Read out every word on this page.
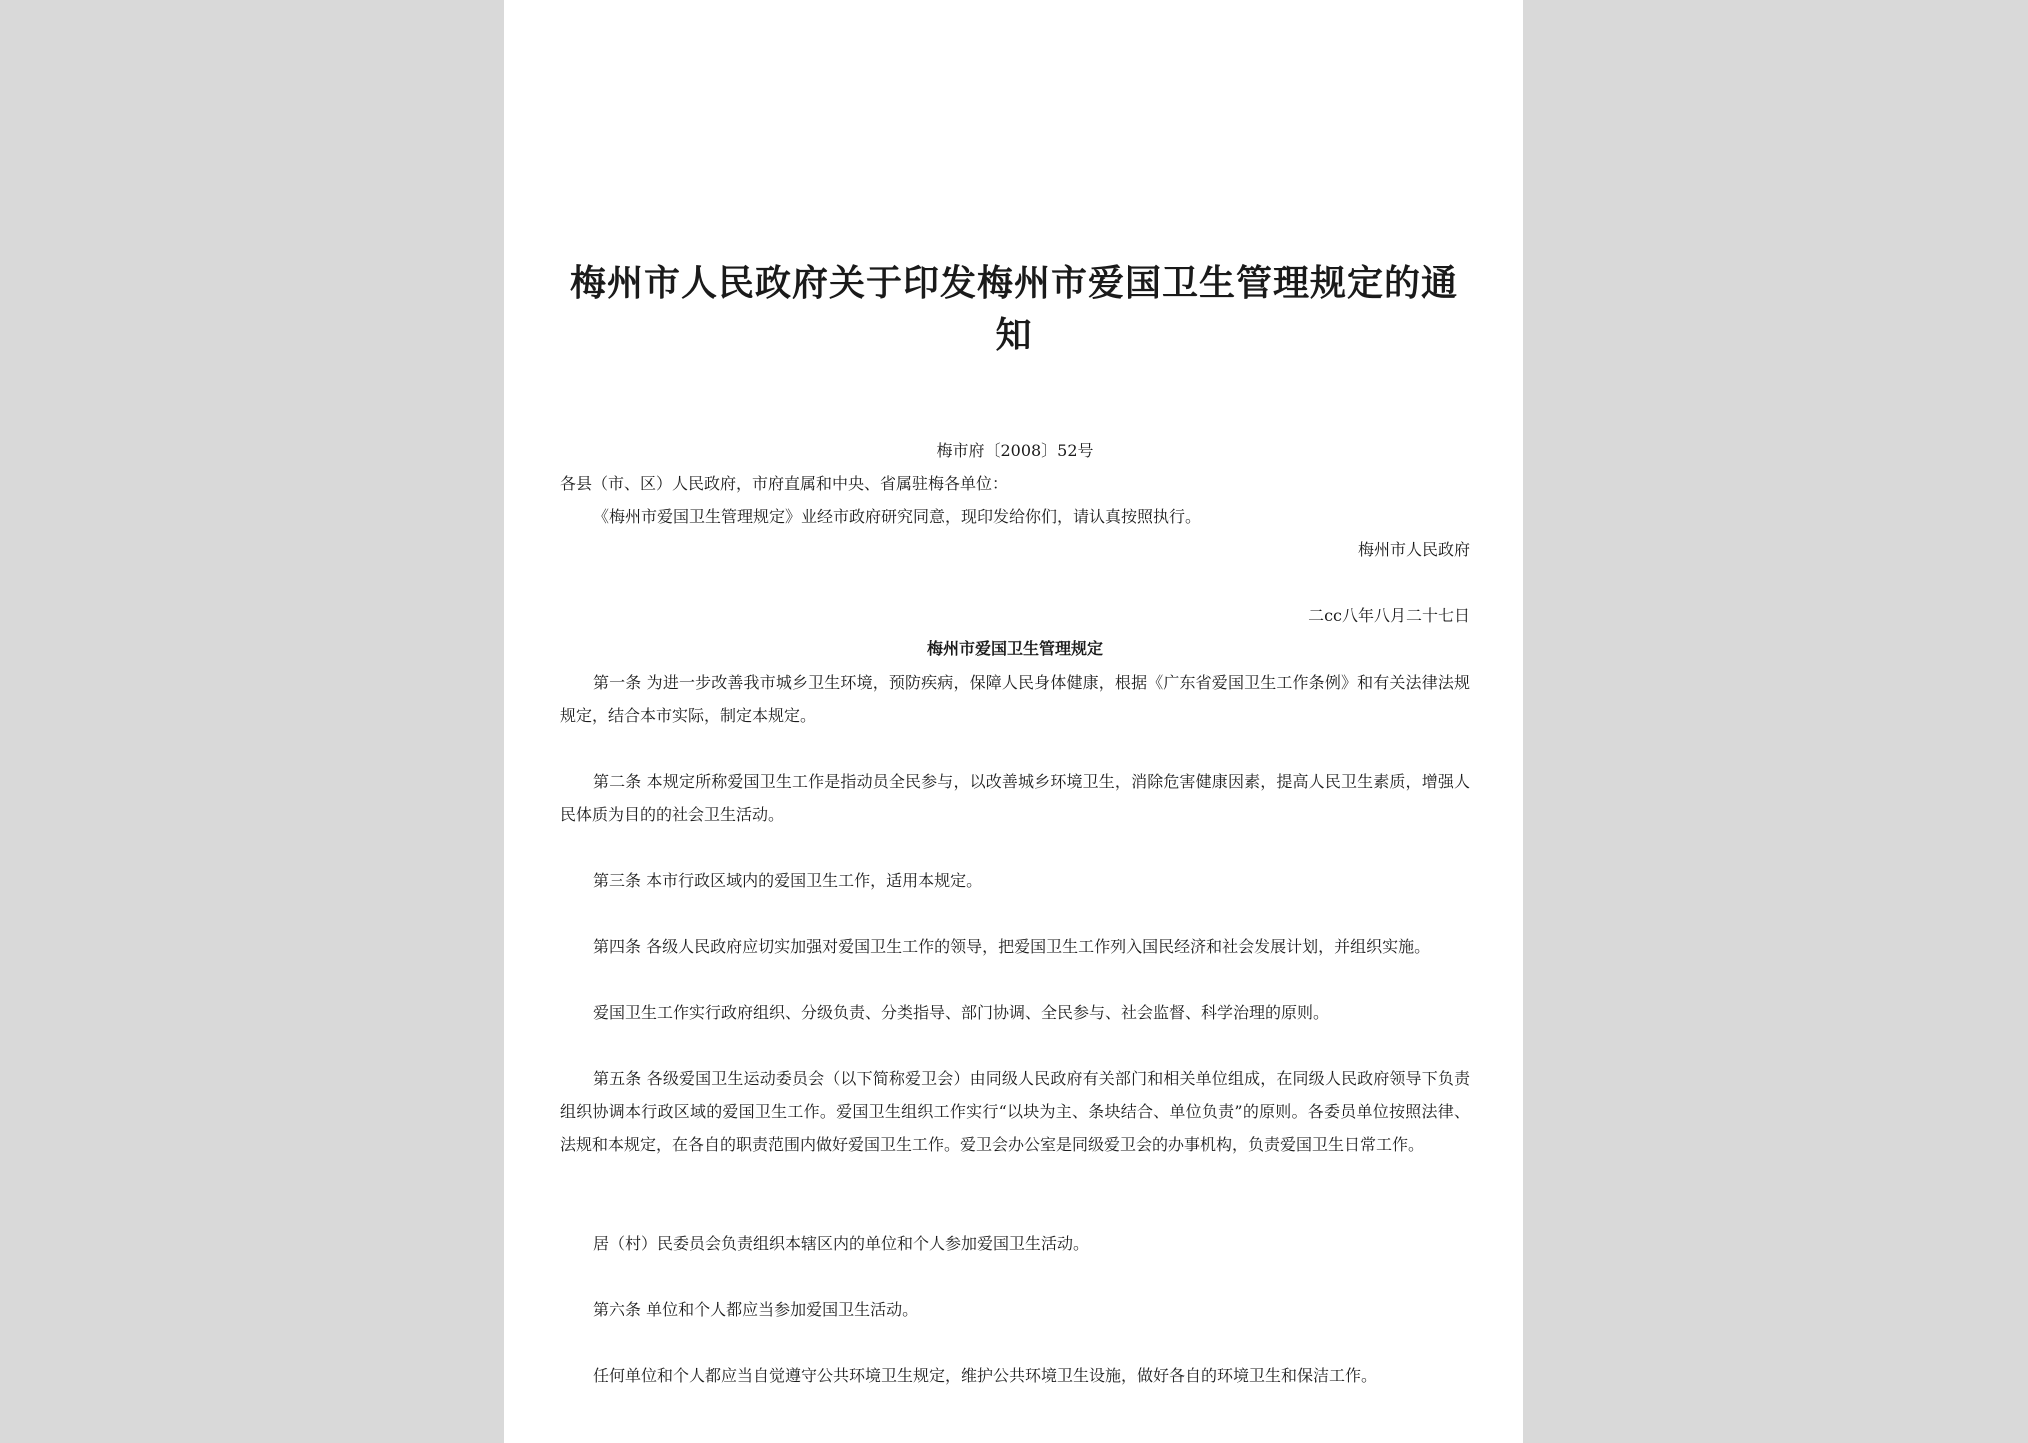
梅州市人民政府关于印发梅州市爱国卫生管理规定的通知

梅市府〔2008〕52号

各县（市、区）人民政府，市府直属和中央、省属驻梅各单位：

《梅州市爱国卫生管理规定》业经市政府研究同意，现印发给你们，请认真按照执行。

梅州市人民政府

二cc八年八月二十七日

梅州市爱国卫生管理规定

第一条 为进一步改善我市城乡卫生环境，预防疾病，保障人民身体健康，根据《广东省爱国卫生工作条例》和有关法律法规规定，结合本市实际，制定本规定。

第二条 本规定所称爱国卫生工作是指动员全民参与，以改善城乡环境卫生，消除危害健康因素，提高人民卫生素质，增强人民体质为目的的社会卫生活动。

第三条 本市行政区域内的爱国卫生工作，适用本规定。

第四条 各级人民政府应切实加强对爱国卫生工作的领导，把爱国卫生工作列入国民经济和社会发展计划，并组织实施。

爱国卫生工作实行政府组织、分级负责、分类指导、部门协调、全民参与、社会监督、科学治理的原则。

第五条 各级爱国卫生运动委员会（以下简称爱卫会）由同级人民政府有关部门和相关单位组成，在同级人民政府领导下负责组织协调本行政区域的爱国卫生工作。爱国卫生组织工作实行“以块为主、条块结合、单位负责”的原则。各委员单位按照法律、法规和本规定，在各自的职责范围内做好爱国卫生工作。爱卫会办公室是同级爱卫会的办事机构，负责爱国卫生日常工作。

居（村）民委员会负责组织本辖区内的单位和个人参加爱国卫生活动。

第六条 单位和个人都应当参加爱国卫生活动。

任何单位和个人都应当自觉遵守公共环境卫生规定，维护公共环境卫生设施，做好各自的环境卫生和保洁工作。
